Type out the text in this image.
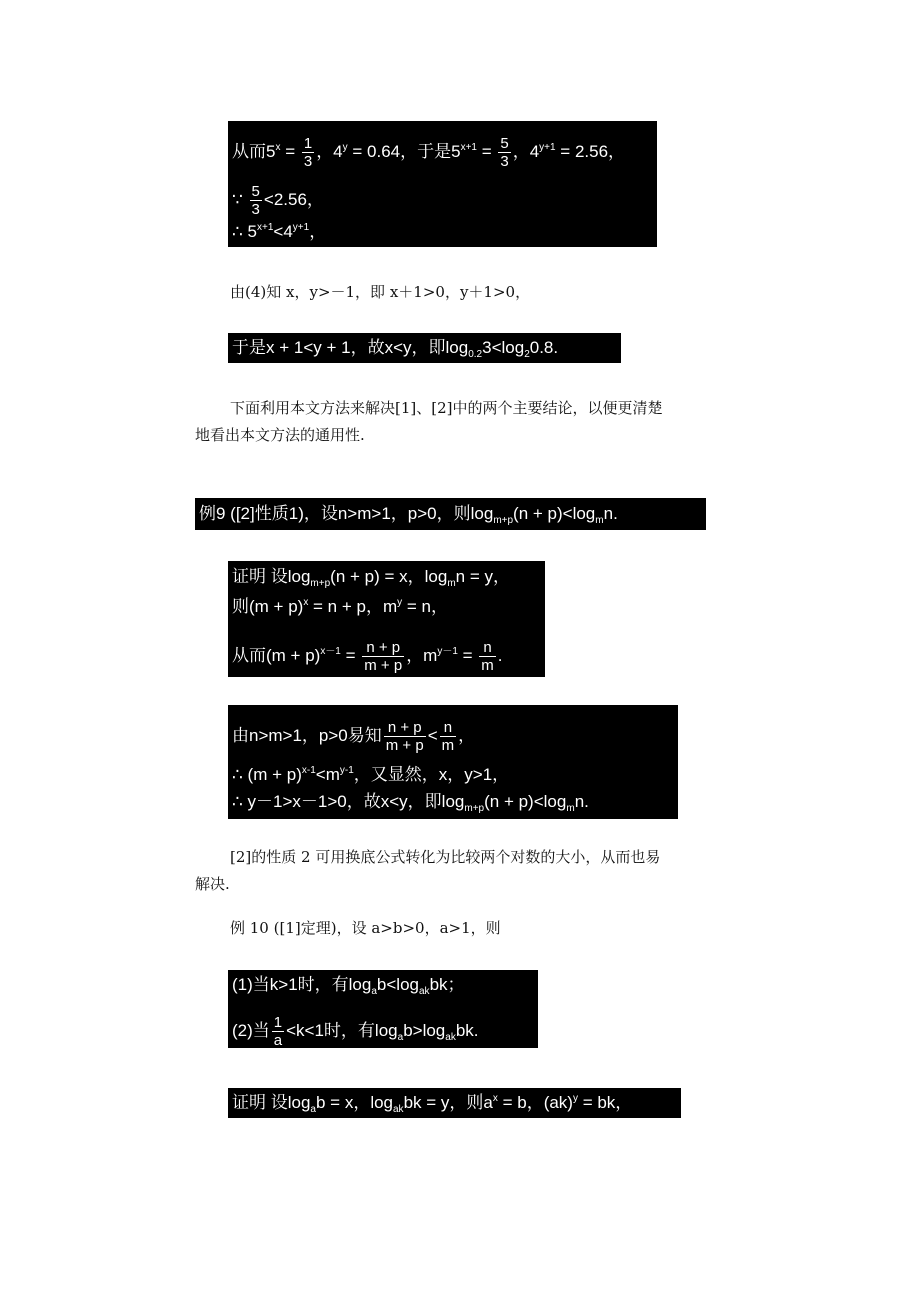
从而$5^x = \frac{1}{3}$ ，$4^y = 0.64$，于是$5^{x+1} = \frac{5}{3}$ ，$4^{y+1} = 2.56$，
∵ $\frac{5}{3} <2.56$，
∴ $5^{x+1}<4^{y+1}$，
由(4)知 x，y>－1，即 x＋1>0，y＋1>0，
于是x + 1<y + 1，故x<y，即$\log_{0.2}3<\log_20.8$.
下面利用本文方法来解决[1]、[2]中的两个主要结论，以便更清楚
地看出本文方法的通用性.
例9 ([2]性质1)，设n>m>1，p>0，则$\log_{m+p}(n + p)<\log_mn$.
证明 设$\log_{m+p}(n + p) = x$，$\log_mn = y$，
则$(m + p)^x = n + p$，$m^y = n$，
从而$(m + p)^{x-1} = \frac{n + p}{m + p}$ ，$m^{y-1} = \frac{n}{m}$ .
由n>m>1，p>0易知 $\frac{n + p}{m + p} < \frac{n}{m}$ ，
∴ $(m + p)^{x-1}<m^{y-1}$，又显然，x，y>1，
∴ y－1>x－1>0，故x<y，即$\log_{m+p}(n + p)<\log_mn$.
[2]的性质 2 可用换底公式转化为比较两个对数的大小，从而也易
解决.
例 10 ([1]定理)，设 a>b>0，a>1，则
(1)当k>1时，有$\log_ab<\log_{ak}bk$；
(2)当 $\frac{1}{a} <k<1$时，有$\log_ab>\log_{ak}bk$.
证明 设$\log_ab = x$，$\log_{ak}bk = y$，则$a^x = b$，(ak)$^y$ = bk，
